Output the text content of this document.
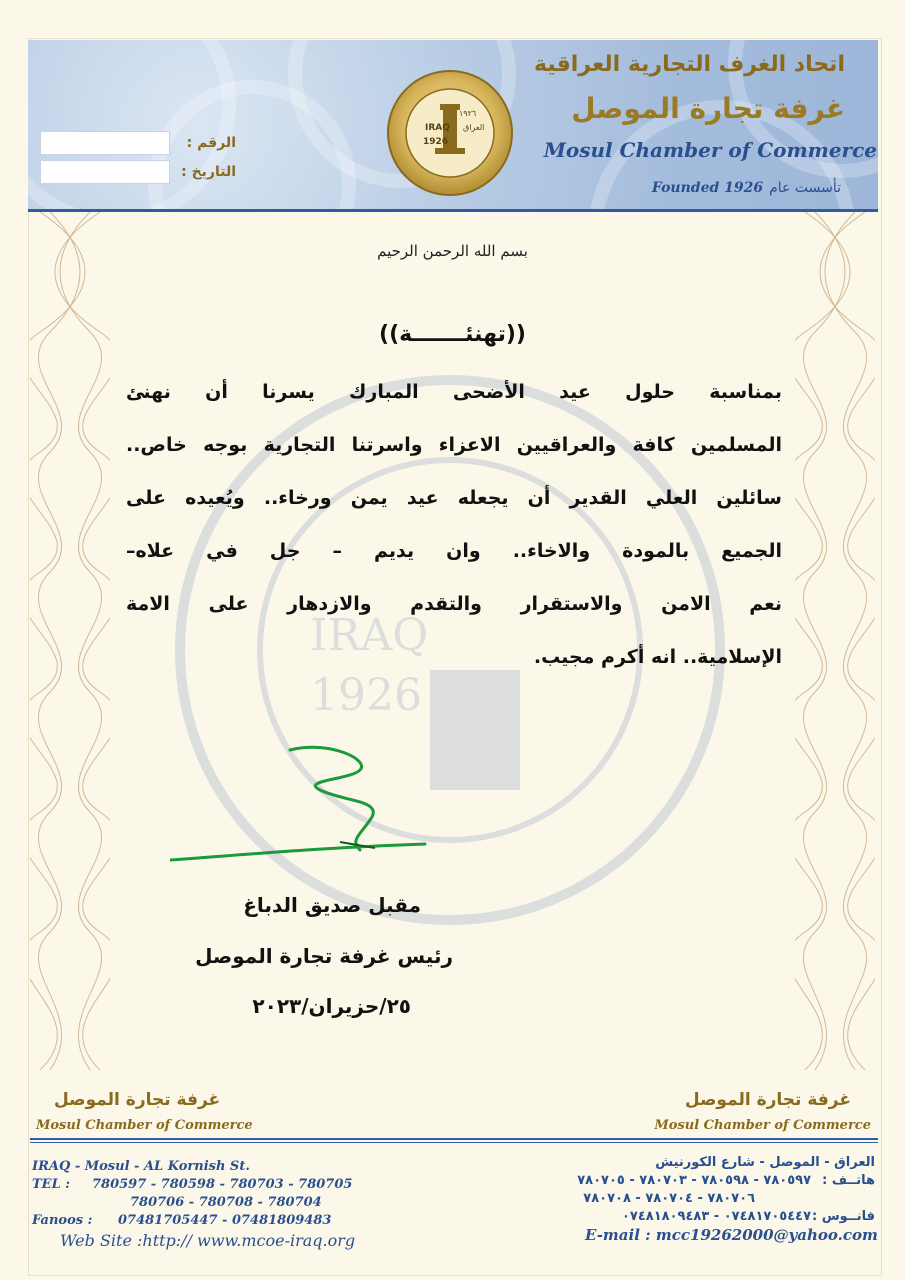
اتحاد الغرف التجارية العراقية
غرفة تجارة الموصل
Mosul Chamber of Commerce
Founded 1926 تأسست عام
IRAQ العراق
1926
١٩٢٦
الرقم :
التاريخ :
IRAQ
1926
بسم الله الرحمن الرحيم
((تهنئـــــــة))
بمناسبة حلول عيد الأضحى المبارك يسرنا أن نهنئ
المسلمين كافة والعراقيين الاعزاء واسرتنا التجارية بوجه خاص..
سائلين العلي القدير أن يجعله عيد يمن ورخاء.. ويُعيده على
الجميع بالمودة والاخاء.. وان يديم – جل في علاه–
نعم الامن والاستقرار والتقدم والازدهار على الامة
الإسلامية.. انه أكرم مجيب.
مقبل صديق الدباغ
رئيس غرفة تجارة الموصل
٢٥/حزيران/٢٠٢٣
غرفة تجارة الموصل
Mosul Chamber of Commerce
غرفة تجارة الموصل
Mosul Chamber of Commerce
IRAQ - Mosul - AL Kornish St.
TEL : 780597 - 780598 - 780703 - 780705
780706 - 780708 - 780704
Fanoos : 07481705447 - 07481809483
Web Site :http:// www.mcoe-iraq.org
العراق - الموصل - شارع الكورنيش
هاتــف :٧٨٠٥٩٧ - ٧٨٠٥٩٨ - ٧٨٠٧٠٣ - ٧٨٠٧٠٥
٧٨٠٧٠٦ - ٧٨٠٧٠٤ - ٧٨٠٧٠٨
فانــوس :٠٧٤٨١٧٠٥٤٤٧ - ٠٧٤٨١٨٠٩٤٨٣
E-mail : mcc19262000@yahoo.com
